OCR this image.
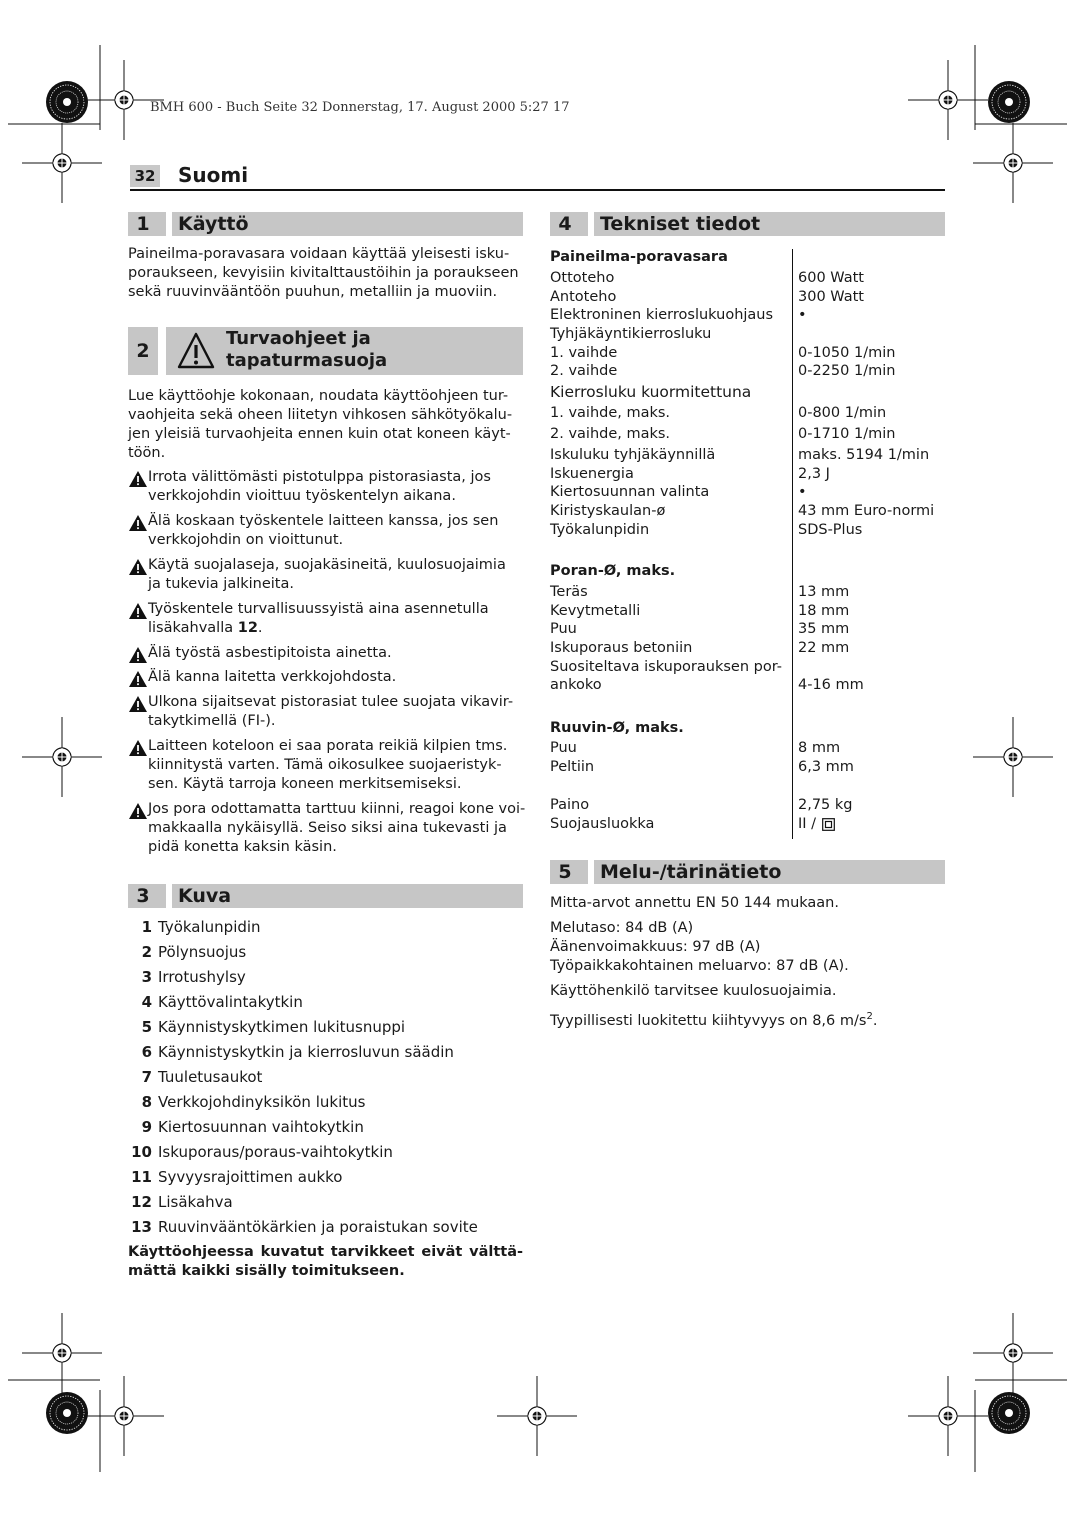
BMH 600 - Buch Seite 32 Donnerstag, 17. August 2000 5:27 17
32 Suomi
1	Käyttö
Paineilma-poravasara voidaan käyttää yleisesti isku-
poraukseen, kevyisiin kivitalttaustöihin ja poraukseen
sekä ruuvinvääntöön puuhun, metalliin ja muoviin.
2
Turvaohjeet ja
tapaturmasuoja
Lue käyttöohje kokonaan, noudata käyttöohjeen tur-
vaohjeita sekä oheen liitetyn vihkosen sähkötyökalu-
jen yleisiä turvaohjeita ennen kuin otat koneen käyt-
töön.
Irrota välittömästi pistotulppa pistorasiasta, jos
verkkojohdin vioittuu työskentelyn aikana.
Älä koskaan työskentele laitteen kanssa, jos sen
verkkojohdin on vioittunut.
Käytä suojalaseja, suojakäsineitä, kuulosuojaimia
ja tukevia jalkineita.
Työskentele turvallisuussyistä aina asennetulla
lisäkahvalla 12.
Älä työstä asbestipitoista ainetta.
Älä kanna laitetta verkkojohdosta.
Ulkona sijaitsevat pistorasiat tulee suojata vikavir-
takytkimellä (FI-).
Laitteen koteloon ei saa porata reikiä kilpien tms.
kiinnitystä varten. Tämä oikosulkee suojaeristyk-
sen. Käytä tarroja koneen merkitsemiseksi.
Jos pora odottamatta tarttuu kiinni, reagoi kone voi-
makkaalla nykäisyllä. Seiso siksi aina tukevasti ja
pidä konetta kaksin käsin.
3	Kuva
1 Työkalunpidin
2 Pölynsuojus
3 Irrotushylsy
4 Käyttövalintakytkin
5 Käynnistyskytkimen lukitusnuppi
6 Käynnistyskytkin ja kierrosluvun säädin
7 Tuuletusaukot
8 Verkkojohdinyksikön lukitus
9 Kiertosuunnan vaihtokytkin
10 Iskuporaus/poraus-vaihtokytkin
11 Syvyysrajoittimen aukko
12 Lisäkahva
13 Ruuvinvääntökärkien ja poraistukan sovite
Käyttöohjeessa kuvatut tarvikkeet eivät välttä-
mättä kaikki sisälly toimitukseen.
4	Tekniset tiedot
Paineilma-poravasara
Ottoteho	600 Watt
Antoteho	300 Watt
Elektroninen kierroslukuohjaus •
Tyhjäkäyntikierrosluku
1. vaihde	0-1050 1/min
2. vaihde	0-2250 1/min
Kierrosluku kuormitettuna
1. vaihde, maks.	0-800 1/min
2. vaihde, maks.	0-1710 1/min
Iskuluku tyhjäkäynnillä	maks. 5194 1/min
Iskuenergia	2,3 J
Kiertosuunnan valinta	•
Kiristyskaulan-ø	43 mm Euro-normi
Työkalunpidin	SDS-Plus
Poran-Ø, maks.
Teräs	13 mm
Kevytmetalli	18 mm
Puu	35 mm
Iskuporaus betoniin	22 mm
Suositeltava iskuporauksen por-
ankoko	4-16 mm
Ruuvin-Ø, maks.
Puu	8 mm
Peltiin	6,3 mm
Paino	2,75 kg
Suojausluokka	II /
5	Melu-/tärinätieto
Mitta-arvot annettu EN 50 144 mukaan.
Melutaso: 84 dB (A)
Äänenvoimakkuus: 97 dB (A)
Työpaikkakohtainen meluarvo: 87 dB (A).
Käyttöhenkilö tarvitsee kuulosuojaimia.
Tyypillisesti luokitettu kiihtyvyys on 8,6 $m/s^2$.
